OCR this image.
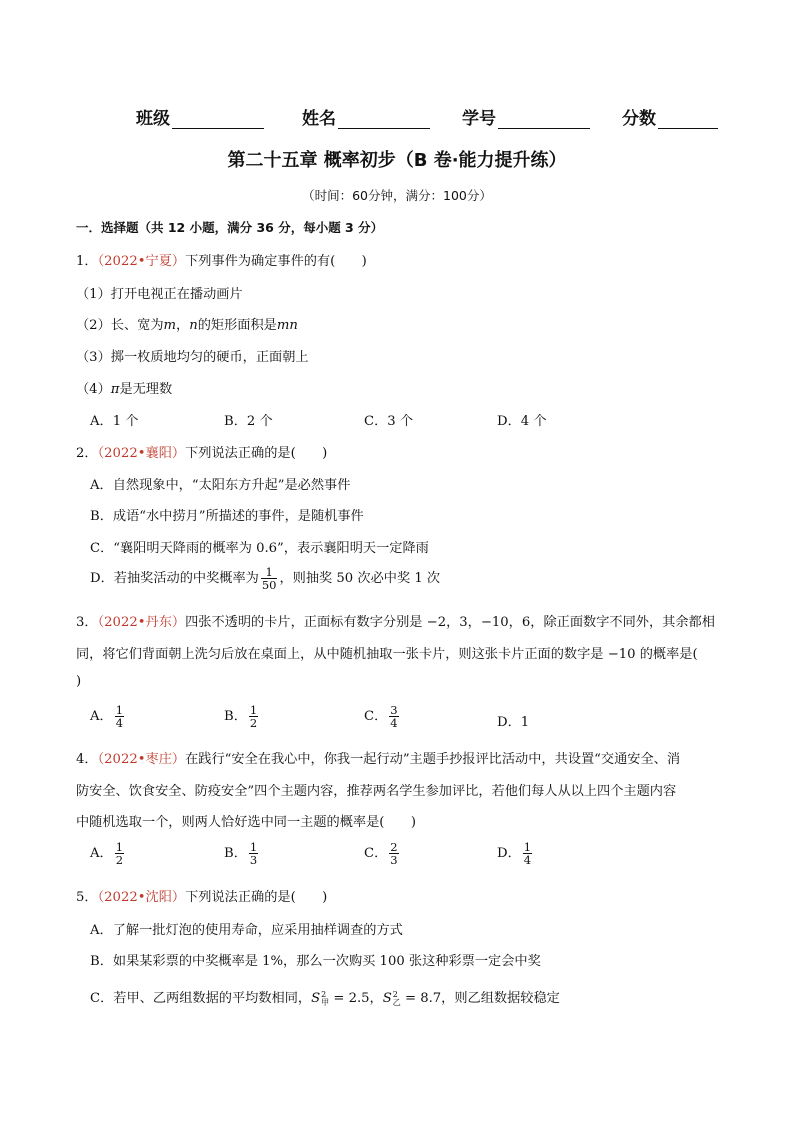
班级	姓名	学号	分数
第二十五章 概率初步（B 卷·能力提升练）
（时间：60分钟，满分：100分）
一．选择题（共 12 小题，满分 36 分，每小题 3 分）
1．（2022•宁夏）下列事件为确定事件的有(　　)
（1）打开电视正在播动画片
（2）长、宽为m，n的矩形面积是mn
（3）掷一枚质地均匀的硬币，正面朝上
（4）π是无理数
A．1 个	B．2 个	C．3 个	D．4 个
2．（2022•襄阳）下列说法正确的是(　　)
A．自然现象中，“太阳东方升起”是必然事件
B．成语“水中捞月”所描述的事件，是随机事件
C．“襄阳明天降雨的概率为 0.6”，表示襄阳明天一定降雨
D．若抽奖活动的中奖概率为 $\frac{1}{50}$ ，则抽奖 50 次必中奖 1 次
3．（2022•丹东）四张不透明的卡片，正面标有数字分别是 −2，3，−10，6，除正面数字不同外，其余都相
同，将它们背面朝上洗匀后放在桌面上，从中随机抽取一张卡片，则这张卡片正面的数字是 −10 的概率是(
)
A． $\frac{1}{4}$	B． $\frac{1}{2}$	C． $\frac{3}{4}$	D．1
4．（2022•枣庄）在践行“安全在我心中，你我一起行动”主题手抄报评比活动中，共设置“交通安全、消
防安全、饮食安全、防疫安全”四个主题内容，推荐两名学生参加评比，若他们每人从以上四个主题内容
中随机选取一个，则两人恰好选中同一主题的概率是(　　)
A． $\frac{1}{2}$	B． $\frac{1}{3}$	C． $\frac{2}{3}$	D． $\frac{1}{4}$
5．（2022•沈阳）下列说法正确的是(　　)
A．了解一批灯泡的使用寿命，应采用抽样调查的方式
B．如果某彩票的中奖概率是 1%，那么一次购买 100 张这种彩票一定会中奖
C．若甲、乙两组数据的平均数相同，S 2
甲 = 2.5，S 2
乙 = 8.7，则乙组数据较稳定
